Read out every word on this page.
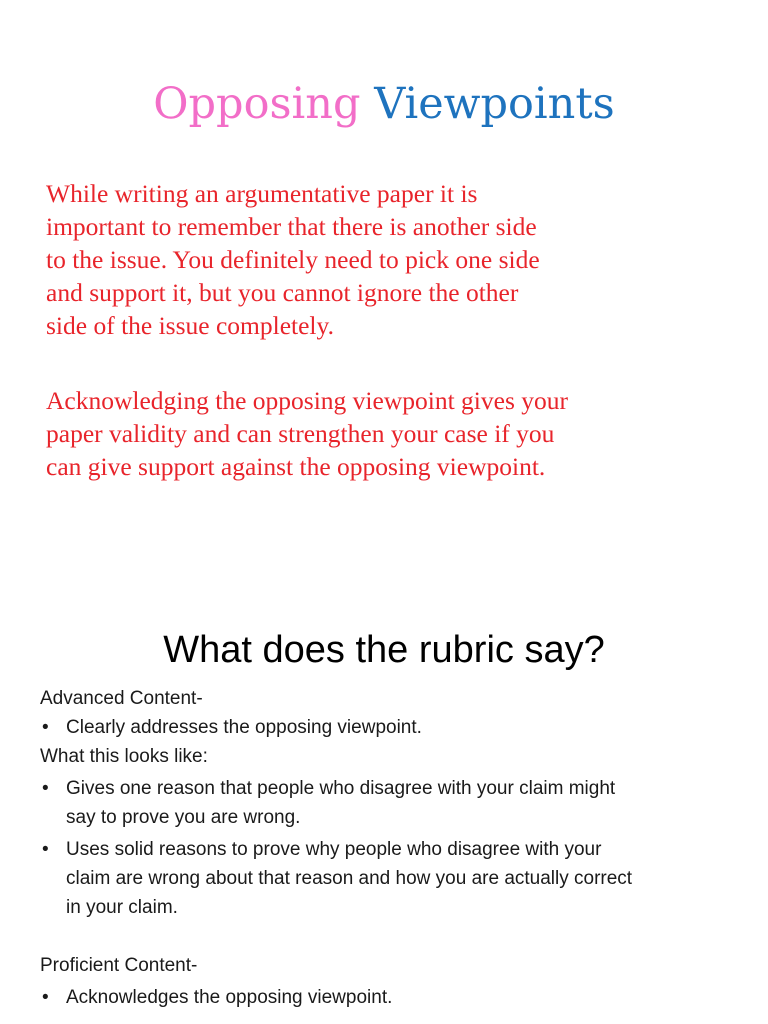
Opposing Viewpoints
While writing an argumentative paper it is
important to remember that there is another side
to the issue. You definitely need to pick one side
and support it, but you cannot ignore the other
side of the issue completely.
Acknowledging the opposing viewpoint gives your
paper validity and can strengthen your case if you
can give support against the opposing viewpoint.
What does the rubric say?
Advanced Content-
• Clearly addresses the opposing viewpoint.
What this looks like:
• Gives one reason that people who disagree with your claim might
say to prove you are wrong.
• Uses solid reasons to prove why people who disagree with your
claim are wrong about that reason and how you are actually correct
in your claim.
Proficient Content-
• Acknowledges the opposing viewpoint.
